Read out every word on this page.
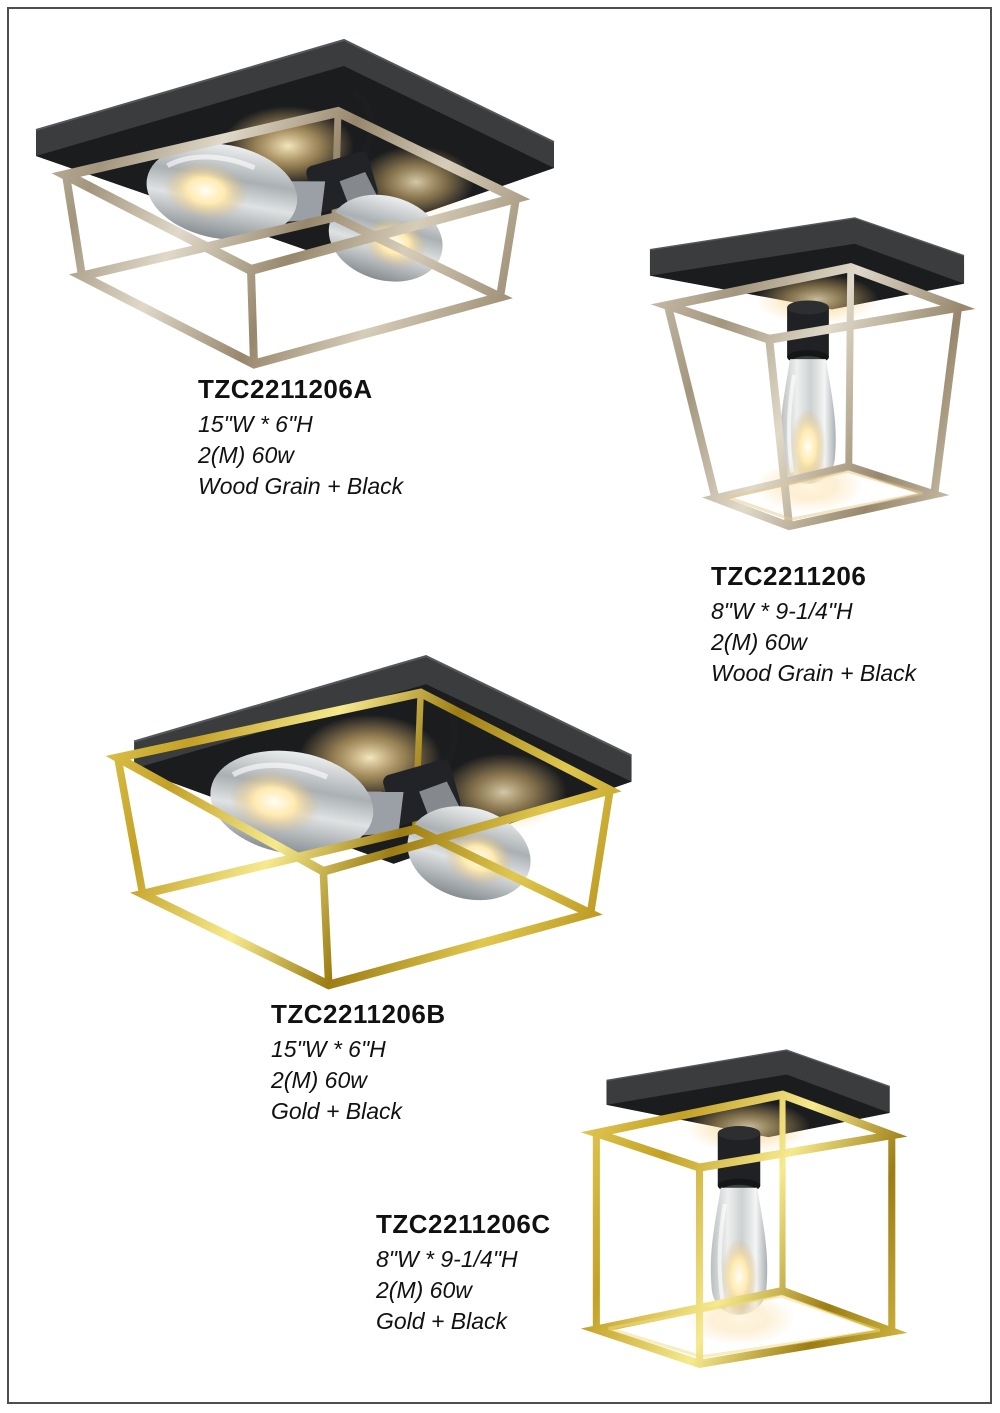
TZC2211206A
15"W * 6"H
2(M) 60w
Wood Grain + Black
TZC2211206
8"W * 9-1/4"H
2(M) 60w
Wood Grain + Black
TZC2211206B
15"W * 6"H
2(M) 60w
Gold + Black
TZC2211206C
8"W * 9-1/4"H
2(M) 60w
Gold + Black
